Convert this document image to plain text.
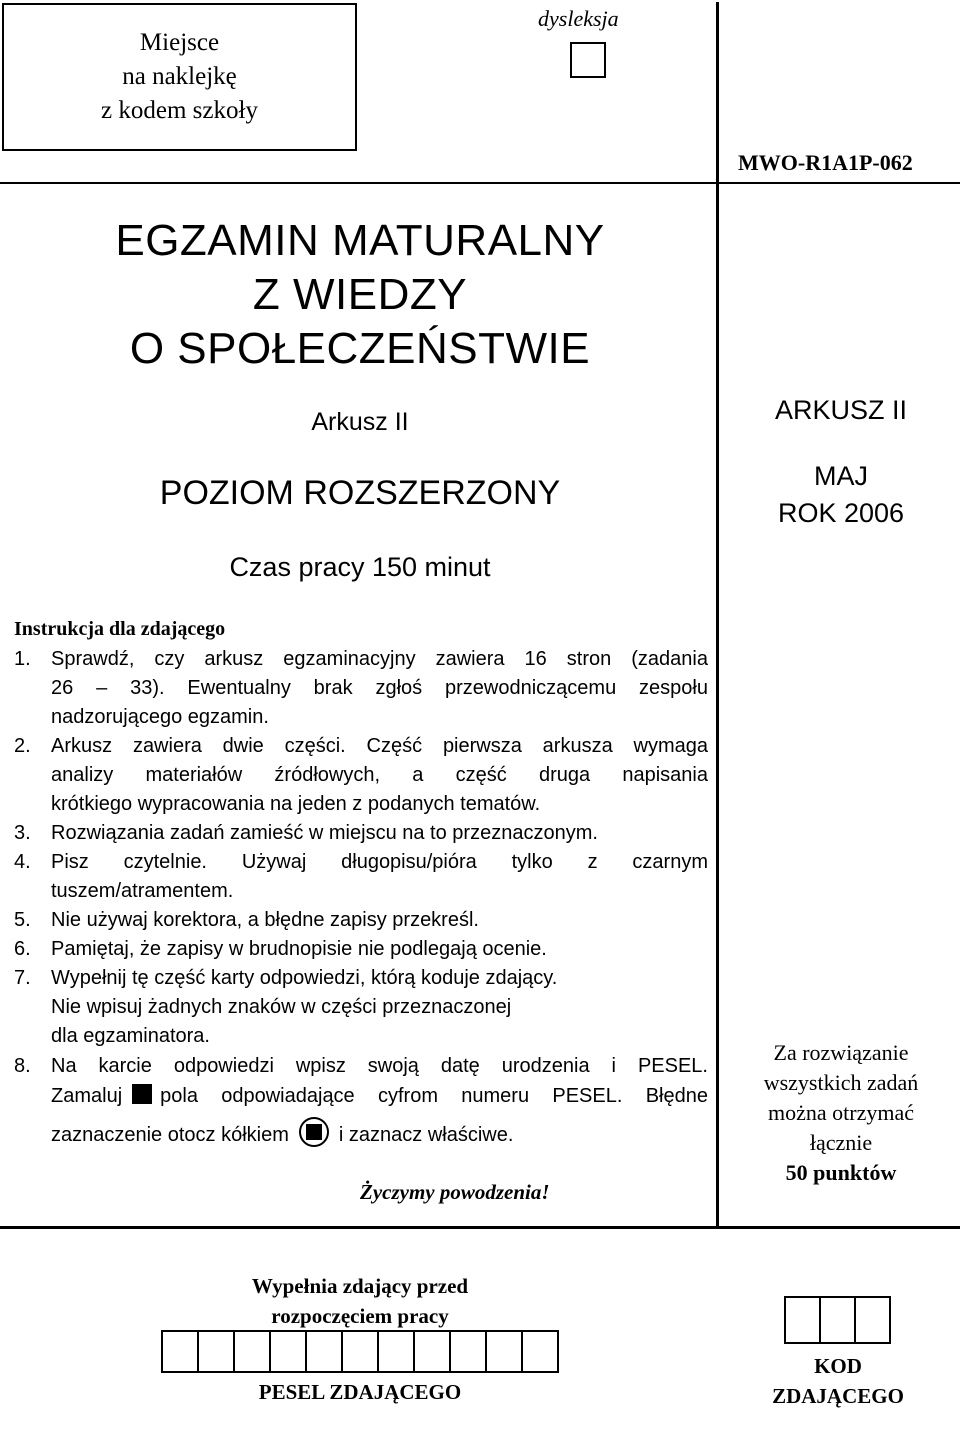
Miejsce
na naklejkę
z kodem szkoły
dysleksja
MWO-R1A1P-062
EGZAMIN MATURALNY
Z WIEDZY
O SPOŁECZEŃSTWIE
Arkusz II
POZIOM ROZSZERZONY
Czas pracy 150 minut
ARKUSZ II
MAJ
ROK 2006
Za rozwiązanie
wszystkich zadań
można otrzymać
łącznie
50 punktów
Instrukcja dla zdającego
1. Sprawdź, czy arkusz egzaminacyjny zawiera 16 stron (zadania
26 – 33). Ewentualny brak zgłoś przewodniczącemu zespołu
nadzorującego egzamin.
2. Arkusz zawiera dwie części. Część pierwsza arkusza wymaga
analizy materiałów źródłowych, a część druga napisania
krótkiego wypracowania na jeden z podanych tematów.
3. Rozwiązania zadań zamieść w miejscu na to przeznaczonym.
4. Pisz czytelnie. Używaj długopisu/pióra tylko z czarnym
tuszem/atramentem.
5. Nie używaj korektora, a błędne zapisy przekreśl.
6. Pamiętaj, że zapisy w brudnopisie nie podlegają ocenie.
7. Wypełnij tę część karty odpowiedzi, którą koduje zdający.
Nie wpisuj żadnych znaków w części przeznaczonej
dla egzaminatora.
8. Na karcie odpowiedzi wpisz swoją datę urodzenia i PESEL.
Zamaluj pola odpowiadające cyfrom numeru PESEL. Błędne
zaznaczenie otocz kółkiem	i zaznacz właściwe.
Życzymy powodzenia!
Wypełnia zdający przed
rozpoczęciem pracy
PESEL ZDAJĄCEGO
KOD
ZDAJĄCEGO
